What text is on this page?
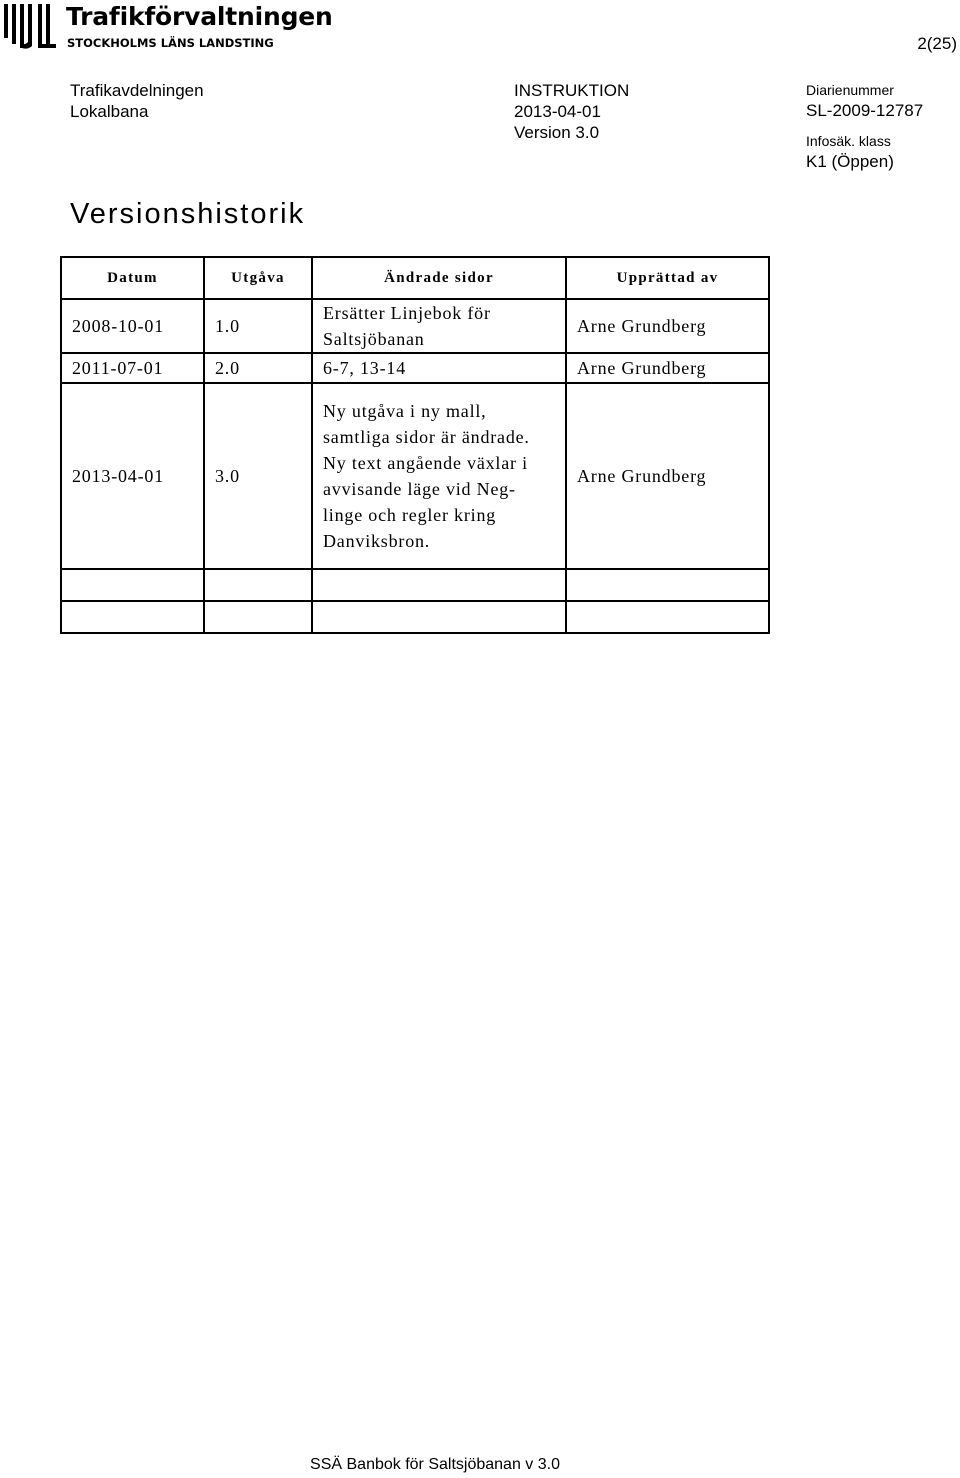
Trafikförvaltningen
STOCKHOLMS LÄNS LANDSTING	2(25)
Trafikavdelningen
Lokalbana
INSTRUKTION
2013-04-01
Version 3.0
Diarienummer
SL-2009-12787
Infosäk. klass
K1 (Öppen)
Versionshistorik
Datum	Utgåva	Ändrade sidor	Upprättad av
2008-10-01	1.0	Ersätter Linjebok för Saltsjöbanan	Arne Grundberg
2011-07-01	2.0	6-7, 13-14	Arne Grundberg
2013-04-01	3.0	Ny utgåva i ny mall, samtliga sidor är ändrade. Ny text angående växlar i avvisande läge vid Neg-linge och regler kring Danviksbron.	Arne Grundberg

SSÄ Banbok för Saltsjöbanan v 3.0
